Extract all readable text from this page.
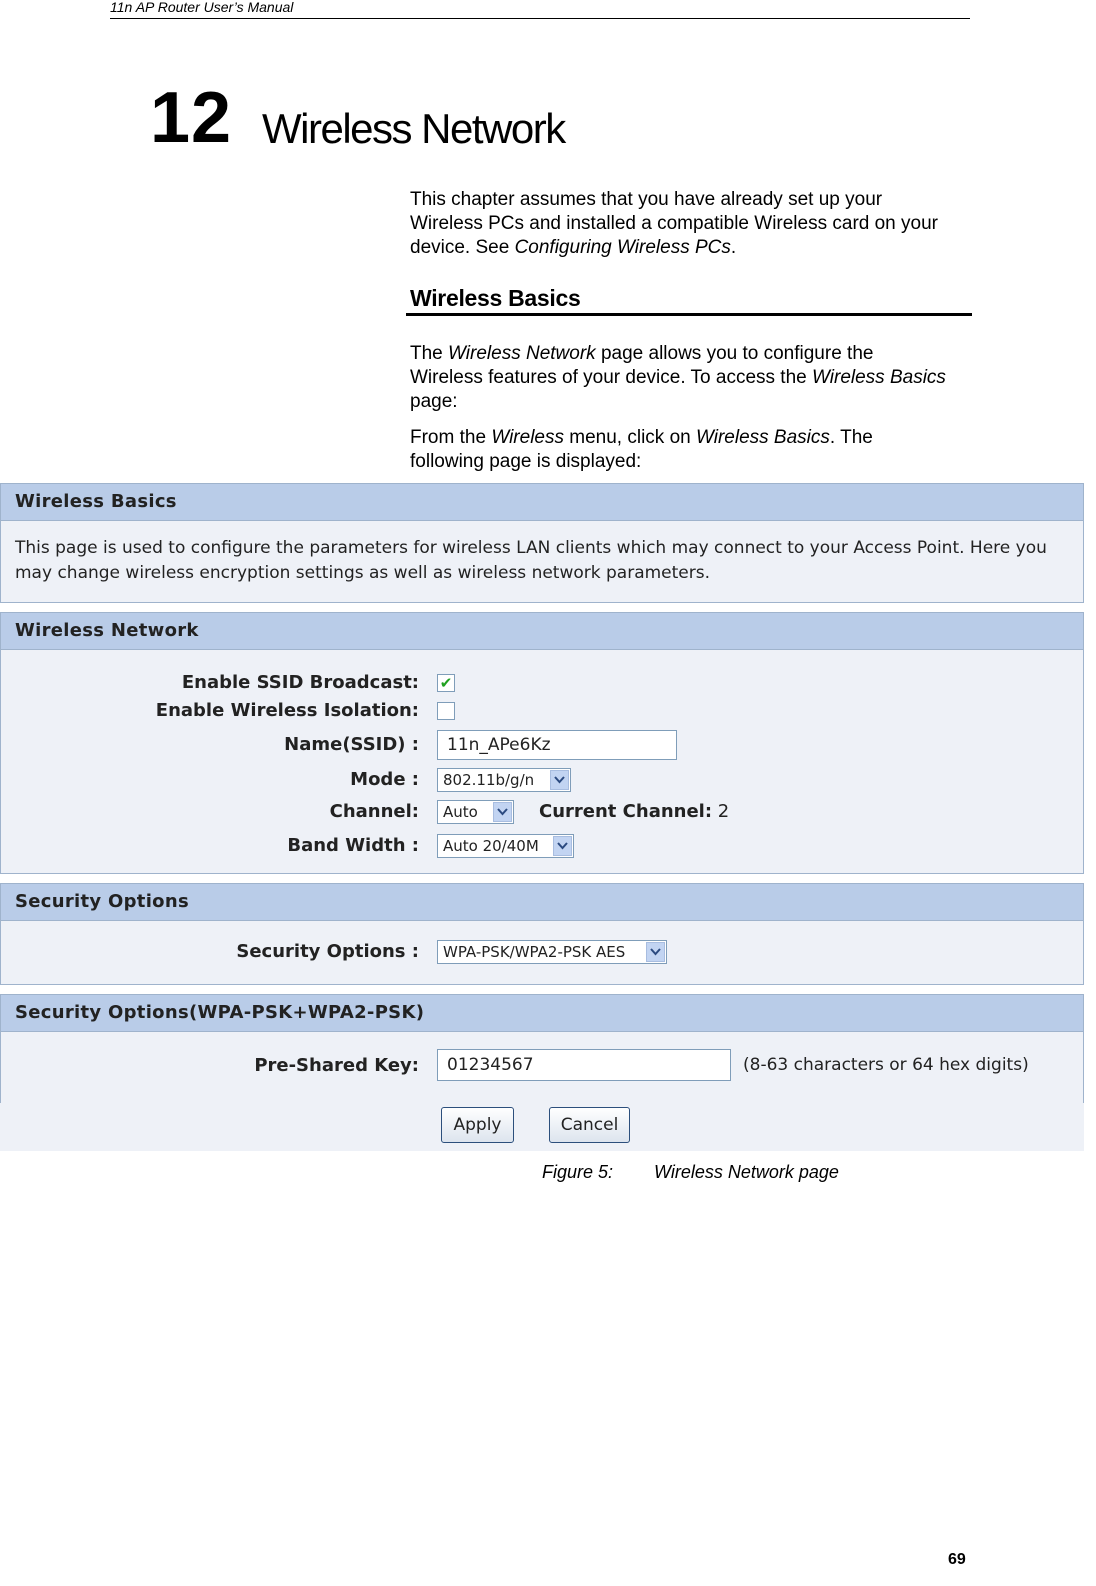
11n AP Router User’s Manual
12 Wireless Network
This chapter assumes that you have already set up your
Wireless PCs and installed a compatible Wireless card on your
device. See Configuring Wireless PCs.
Wireless Basics
The Wireless Network page allows you to configure the
Wireless features of your device. To access the Wireless Basics
page:
From the Wireless menu, click on Wireless Basics. The
following page is displayed:
Wireless Basics
This page is used to configure the parameters for wireless LAN clients which may connect to your Access Point. Here you
may change wireless encryption settings as well as wireless network parameters.
Wireless Network
Enable SSID Broadcast: ✔
Enable Wireless Isolation:
Name(SSID) :	11n_APe6Kz
Mode : 802.11b/g/n
Channel: Auto	Current Channel: 2
Band Width : Auto 20/40M
Security Options
Security Options : WPA-PSK/WPA2-PSK AES
Security Options(WPA-PSK+WPA2-PSK)
Pre-Shared Key:	01234567	(8-63 characters or 64 hex digits)
Apply	Cancel
Figure 5: Wireless Network page
69
